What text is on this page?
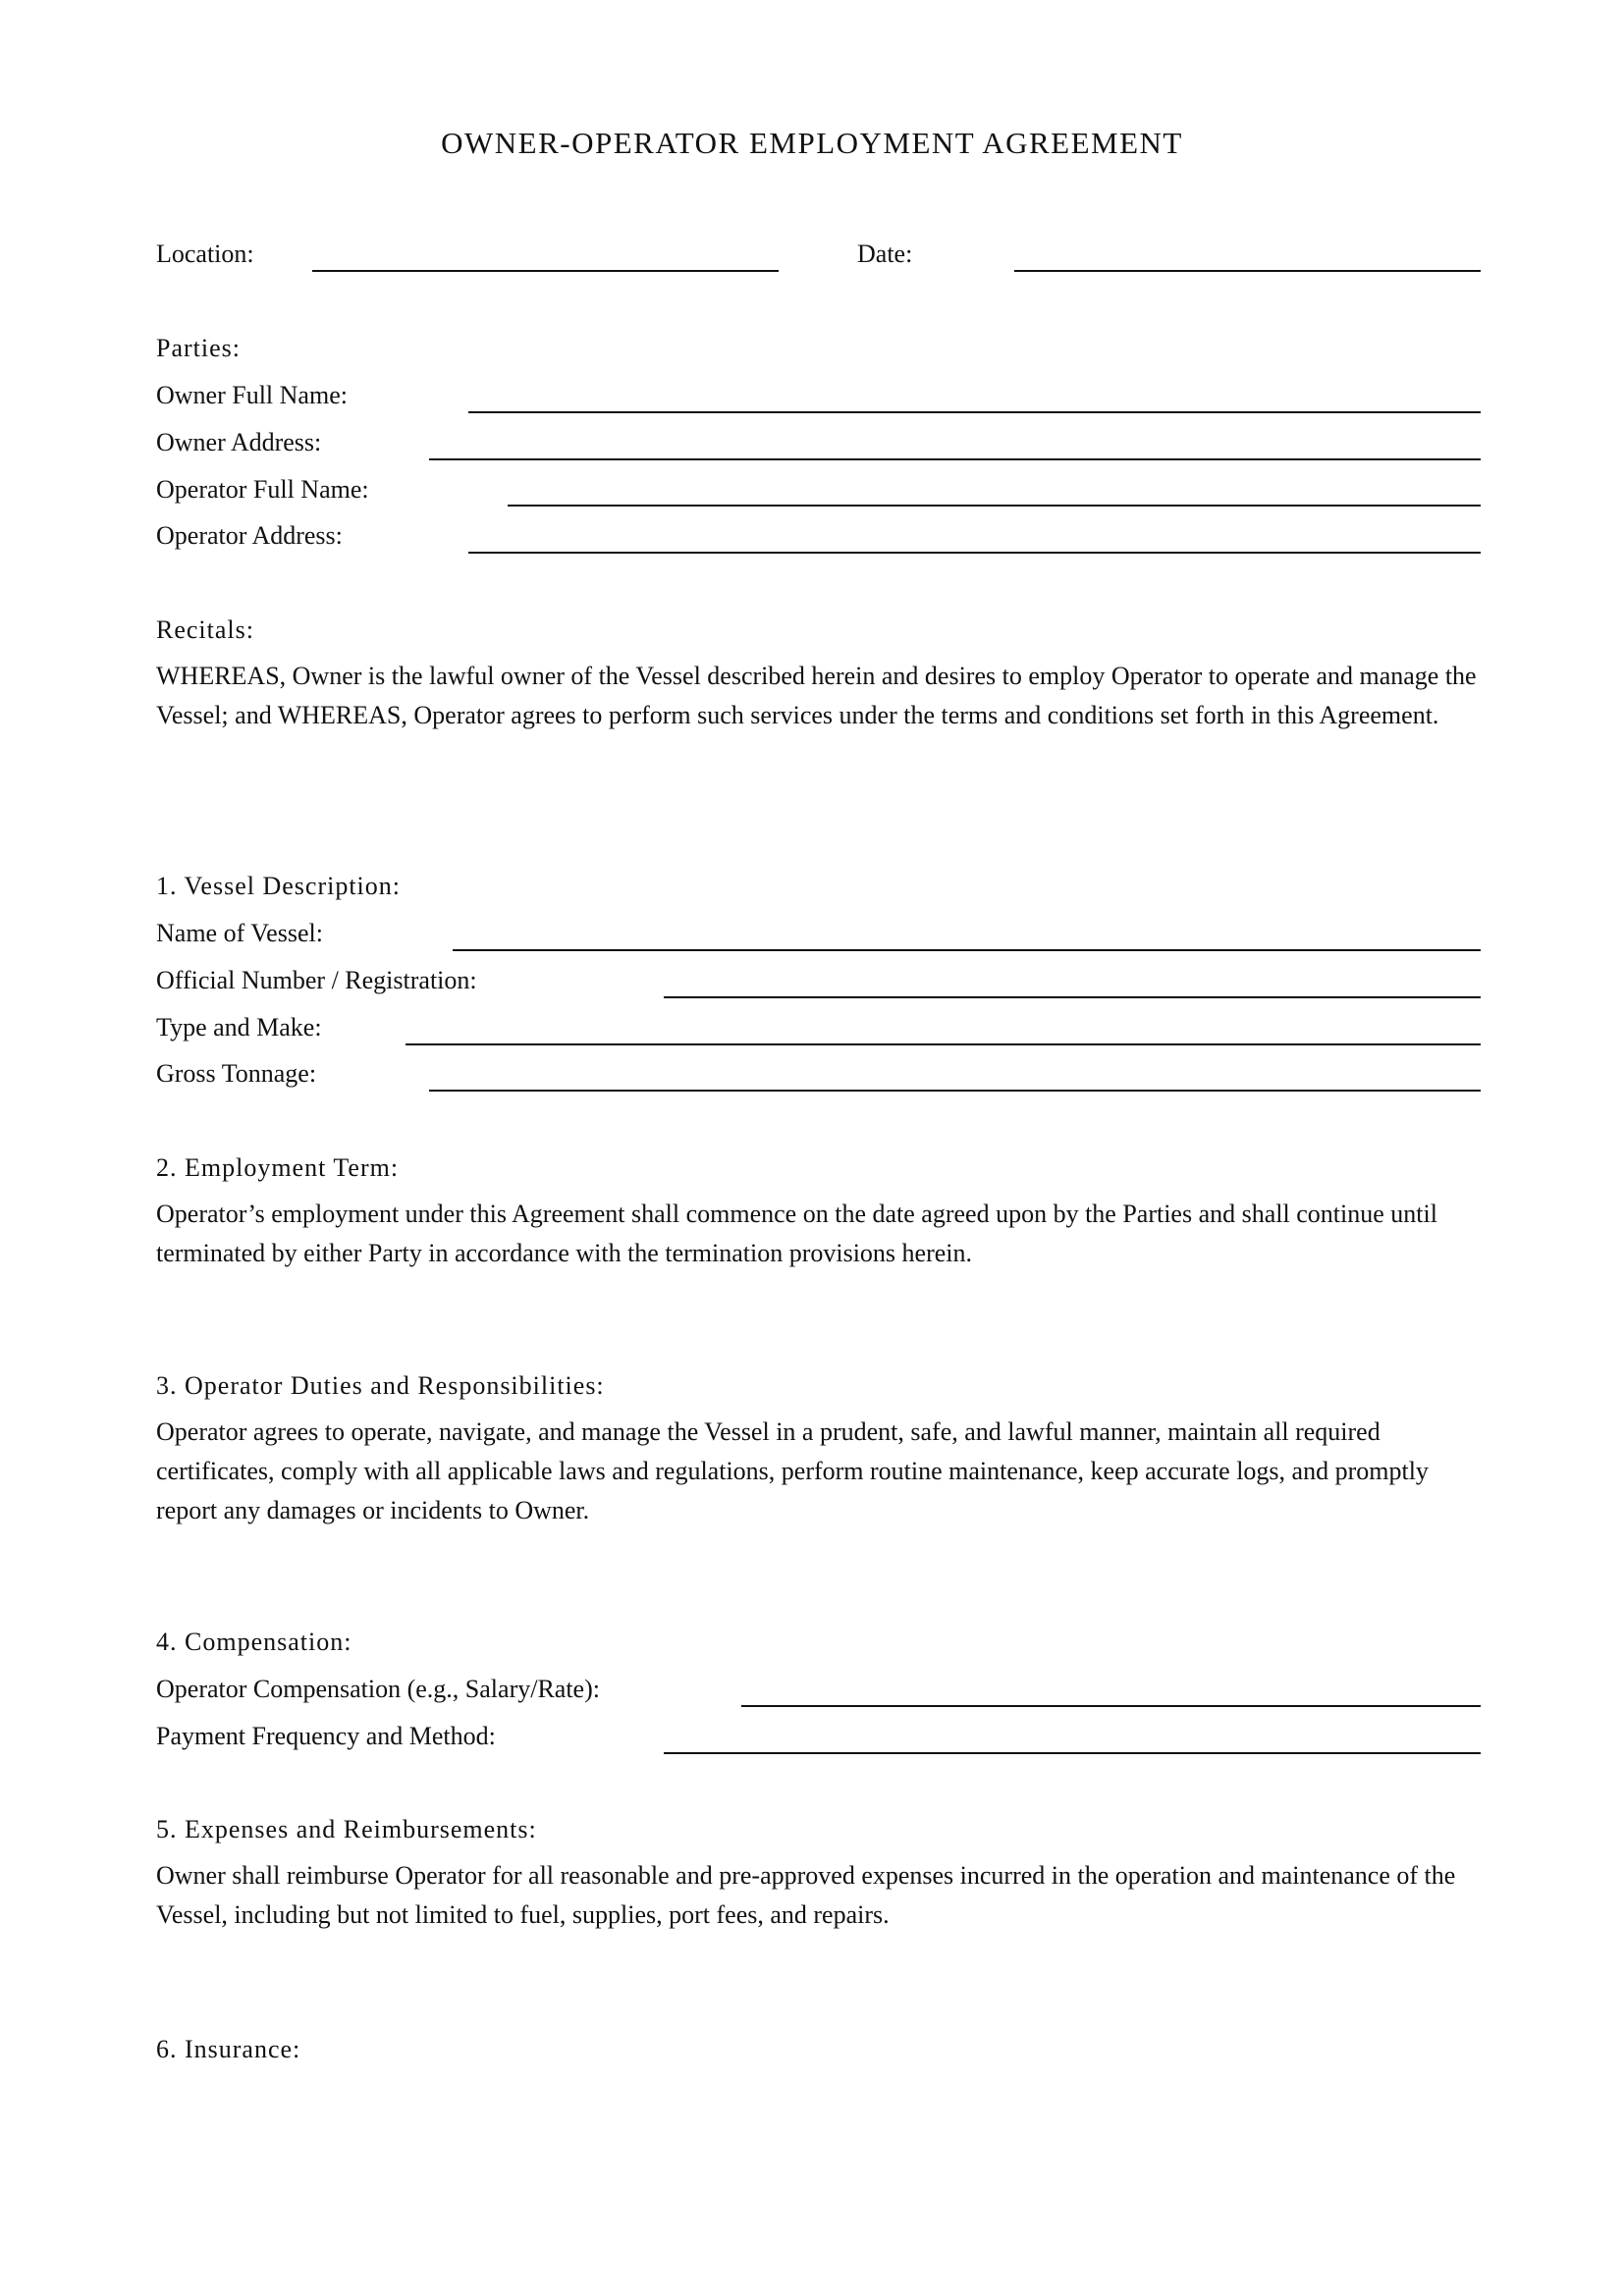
OWNER-OPERATOR EMPLOYMENT AGREEMENT
Location:	Date:
Parties:
Owner Full Name:
Owner Address:
Operator Full Name:
Operator Address:
Recitals:

WHEREAS, Owner is the lawful owner of the Vessel described herein and desires to employ Operator to operate and manage the Vessel; and WHEREAS, Operator agrees to perform such services under the terms and conditions set forth in this Agreement.

1. Vessel Description:
Name of Vessel:
Official Number / Registration:
Type and Make:
Gross Tonnage:
2. Employment Term:

Operator’s employment under this Agreement shall commence on the date agreed upon by the Parties and shall continue until terminated by either Party in accordance with the termination provisions herein.

3. Operator Duties and Responsibilities:

Operator agrees to operate, navigate, and manage the Vessel in a prudent, safe, and lawful manner, maintain all required certificates, comply with all applicable laws and regulations, perform routine maintenance, keep accurate logs, and promptly report any damages or incidents to Owner.

4. Compensation:
Operator Compensation (e.g., Salary/Rate):
Payment Frequency and Method:
5. Expenses and Reimbursements:

Owner shall reimburse Operator for all reasonable and pre-approved expenses incurred in the operation and maintenance of the Vessel, including but not limited to fuel, supplies, port fees, and repairs.

6. Insurance:
